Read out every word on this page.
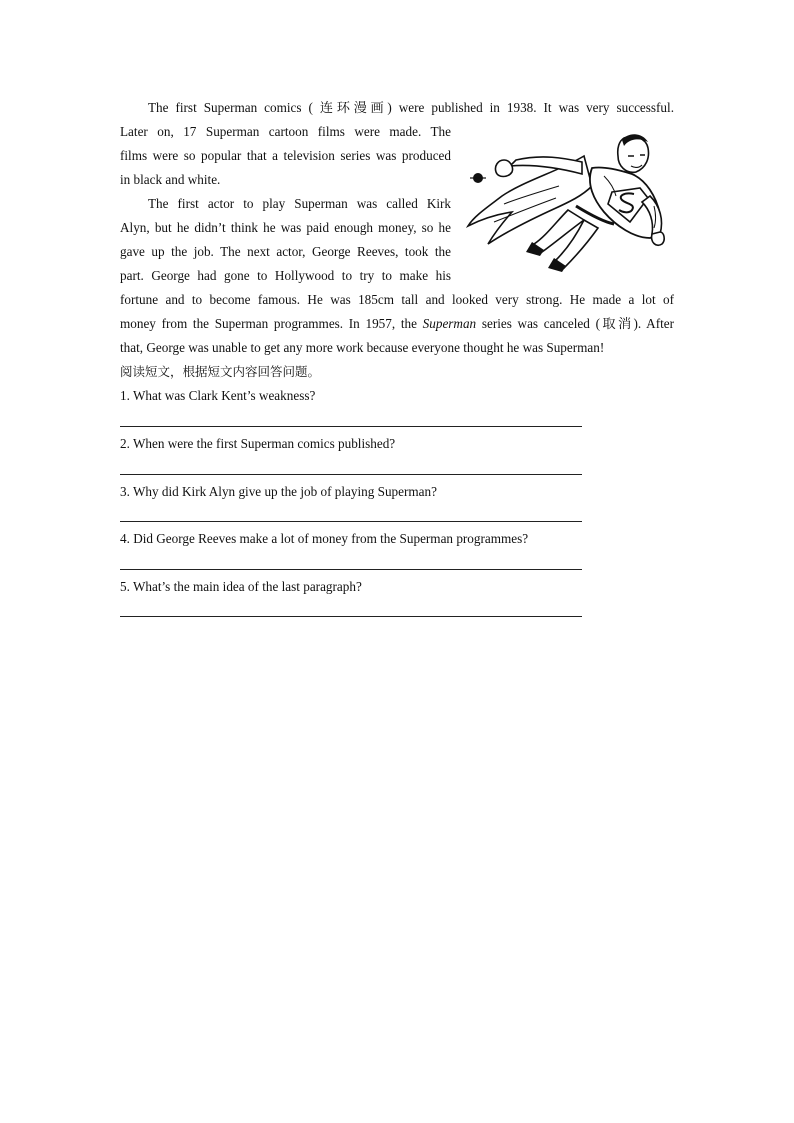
The first Superman comics ( 连环漫画) were published in 1938. It was very successful.

Later on, 17 Superman cartoon films were made. The

films were so popular that a television series was produced

in black and white.

The first actor to play Superman was called Kirk

Alyn, but he didn’t think he was paid enough money, so he

gave up the job. The next actor, George Reeves, took the

part. George had gone to Hollywood to try to make his

fortune and to become famous. He was 185cm tall and looked very strong. He made a lot of

money from the Superman programmes. In 1957, the Superman series was canceled (取消). After

that, George was unable to get any more work because everyone thought he was Superman!

阅读短文，根据短文内容回答问题。

1. What was Clark Kent’s weakness?

2. When were the first Superman comics published?

3. Why did Kirk Alyn give up the job of playing Superman?

4. Did George Reeves make a lot of money from the Superman programmes?

5. What’s the main idea of the last paragraph?
